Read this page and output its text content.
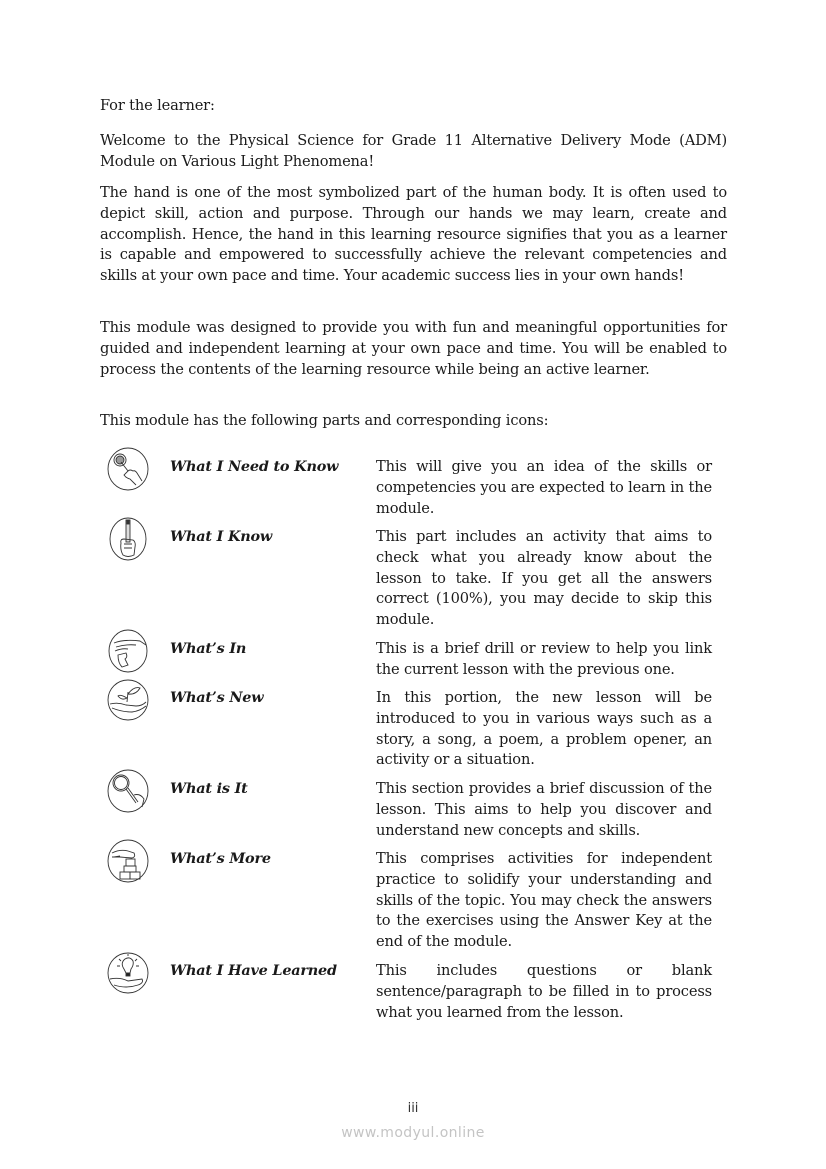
For the learner:

Welcome to the Physical Science for Grade 11 Alternative Delivery Mode (ADM) Module on Various Light Phenomena!

The hand is one of the most symbolized part of the human body. It is often used to depict skill, action and purpose. Through our hands we may learn, create and accomplish. Hence, the hand in this learning resource signifies that you as a learner is capable and empowered to successfully achieve the relevant competencies and skills at your own pace and time. Your academic success lies in your own hands!

This module was designed to provide you with fun and meaningful opportunities for guided and independent learning at your own pace and time. You will be enabled to process the contents of the learning resource while being an active learner.

This module has the following parts and corresponding icons:

What I Need to Know	This will give you an idea of the skills or competencies you are expected to learn in the module.

What I Know	This part includes an activity that aims to check what you already know about the lesson to take. If you get all the answers correct (100%), you may decide to skip this module.

What’s In	This is a brief drill or review to help you link the current lesson with the previous one.

What’s New	In this portion, the new lesson will be introduced to you in various ways such as a story, a song, a poem, a problem opener, an activity or a situation.

What is It	This section provides a brief discussion of the lesson. This aims to help you discover and understand new concepts and skills.

What’s More	This comprises activities for independent practice to solidify your understanding and skills of the topic. You may check the answers to the exercises using the Answer Key at the end of the module.

What I Have Learned	This includes questions or blank sentence/paragraph to be filled in to process what you learned from the lesson.

iii
www.modyul.online
